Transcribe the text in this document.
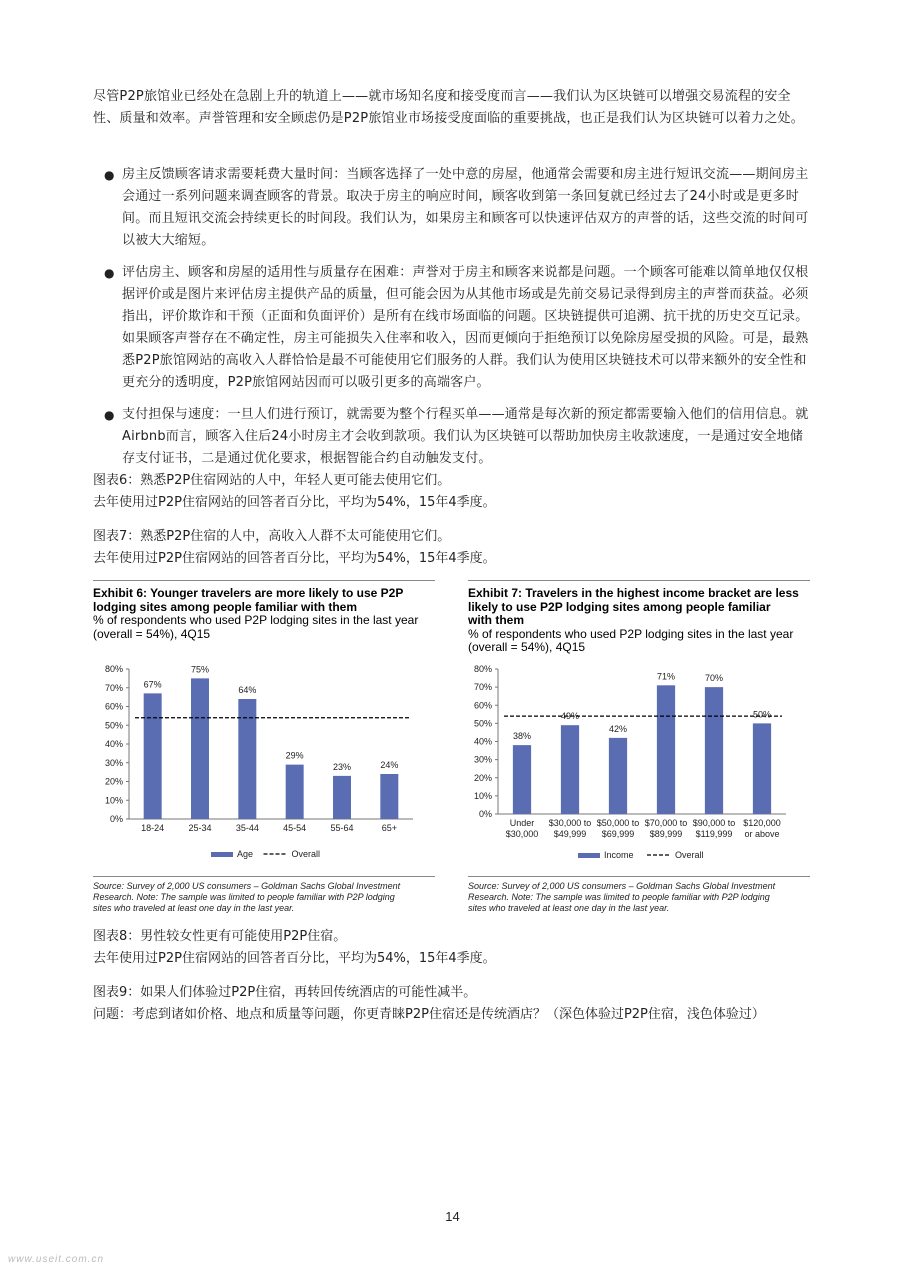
尽管P2P旅馆业已经处在急剧上升的轨道上——就市场知名度和接受度而言——我们认为区块链可以增强交易流程的安全性、质量和效率。声誉管理和安全顾虑仍是P2P旅馆业市场接受度面临的重要挑战，也正是我们认为区块链可以着力之处。

● 房主反馈顾客请求需要耗费大量时间：当顾客选择了一处中意的房屋，他通常会需要和房主进行短讯交流——期间房主会通过一系列问题来调查顾客的背景。取决于房主的响应时间，顾客收到第一条回复就已经过去了24小时或是更多时间。而且短讯交流会持续更长的时间段。我们认为，如果房主和顾客可以快速评估双方的声誉的话，这些交流的时间可以被大大缩短。

● 评估房主、顾客和房屋的适用性与质量存在困难：声誉对于房主和顾客来说都是问题。一个顾客可能难以简单地仅仅根据评价或是图片来评估房主提供产品的质量，但可能会因为从其他市场或是先前交易记录得到房主的声誉而获益。必须指出，评价欺诈和干预（正面和负面评价）是所有在线市场面临的问题。区块链提供可追溯、抗干扰的历史交互记录。如果顾客声誉存在不确定性，房主可能损失入住率和收入，因而更倾向于拒绝预订以免除房屋受损的风险。可是，最熟悉P2P旅馆网站的高收入人群恰恰是最不可能使用它们服务的人群。我们认为使用区块链技术可以带来额外的安全性和更充分的透明度，P2P旅馆网站因而可以吸引更多的高端客户。

● 支付担保与速度：一旦人们进行预订，就需要为整个行程买单——通常是每次新的预定都需要输入他们的信用信息。就Airbnb而言，顾客入住后24小时房主才会收到款项。我们认为区块链可以帮助加快房主收款速度，一是通过安全地储存支付证书，二是通过优化要求，根据智能合约自动触发支付。

图表6：熟悉P2P住宿网站的人中，年轻人更可能去使用它们。

去年使用过P2P住宿网站的回答者百分比，平均为54%，15年4季度。

图表7：熟悉P2P住宿的人中，高收入人群不太可能使用它们。

去年使用过P2P住宿网站的回答者百分比，平均为54%，15年4季度。

Exhibit 6: Younger travelers are more likely to use P2P

lodging sites among people familiar with them

% of respondents who used P2P lodging sites in the last year

(overall = 54%), 4Q15

0%
10%
20%
30%
40%
50%
60%
70%
80%
67%
18-24
75%
25-34
64%
35-44
29%
45-54
23%
55-64
24%
65+
Age	Overall

Source: Survey of 2,000 US consumers – Goldman Sachs Global Investment

Research. Note: The sample was limited to people familiar with P2P lodging

sites who traveled at least one day in the last year.

Exhibit 7: Travelers in the highest income bracket are less

likely to use P2P lodging sites among people familiar

with them

% of respondents who used P2P lodging sites in the last year

(overall = 54%), 4Q15

0%
10%
20%
30%
40%
50%
60%
70%
80%
38%
Under
$30,000
49%
$30,000 to
$49,999
42%
$50,000 to
$69,999
71%
$70,000 to
$89,999
70%
$90,000 to
$119,999
50%
$120,000
or above
Income	Overall

Source: Survey of 2,000 US consumers – Goldman Sachs Global Investment

Research. Note: The sample was limited to people familiar with P2P lodging

sites who traveled at least one day in the last year.

图表8：男性较女性更有可能使用P2P住宿。

去年使用过P2P住宿网站的回答者百分比，平均为54%，15年4季度。

图表9：如果人们体验过P2P住宿，再转回传统酒店的可能性减半。

问题：考虑到诸如价格、地点和质量等问题，你更青睐P2P住宿还是传统酒店？（深色体验过P2P住宿，浅色体验过）

14
www.useit.com.cn
